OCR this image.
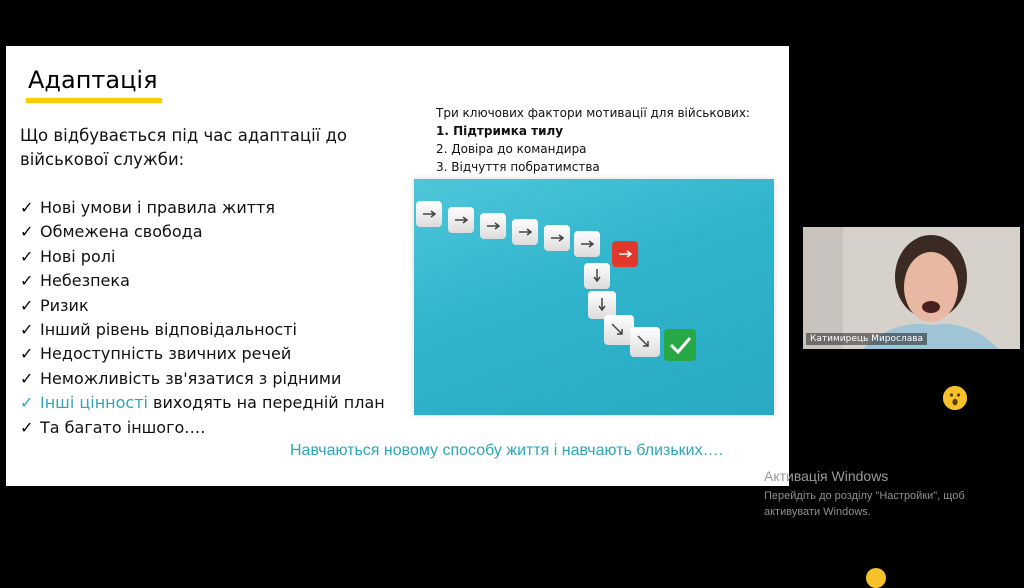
Адаптація
Що відбувається під час адаптації до військової служби:
✓ Нові умови і правила життя
✓ Обмежена свобода
✓ Нові ролі
✓ Небезпека
✓ Ризик
✓ Інший рівень відповідальності
✓ Недоступність звичних речей
✓ Неможливість зв'язатися з рідними
✓ Інші цінності виходять на передній план
✓ Та багато іншого….
Три ключових фактори мотивації для військових:
1. Підтримка тилу
2. Довіра до командира
3. Відчуття побратимства
Навчаються новому способу життя і навчають близьких….
Катимирець Мирослава
Активація Windows
Перейдіть до розділу "Настройки", щоб активувати Windows.
